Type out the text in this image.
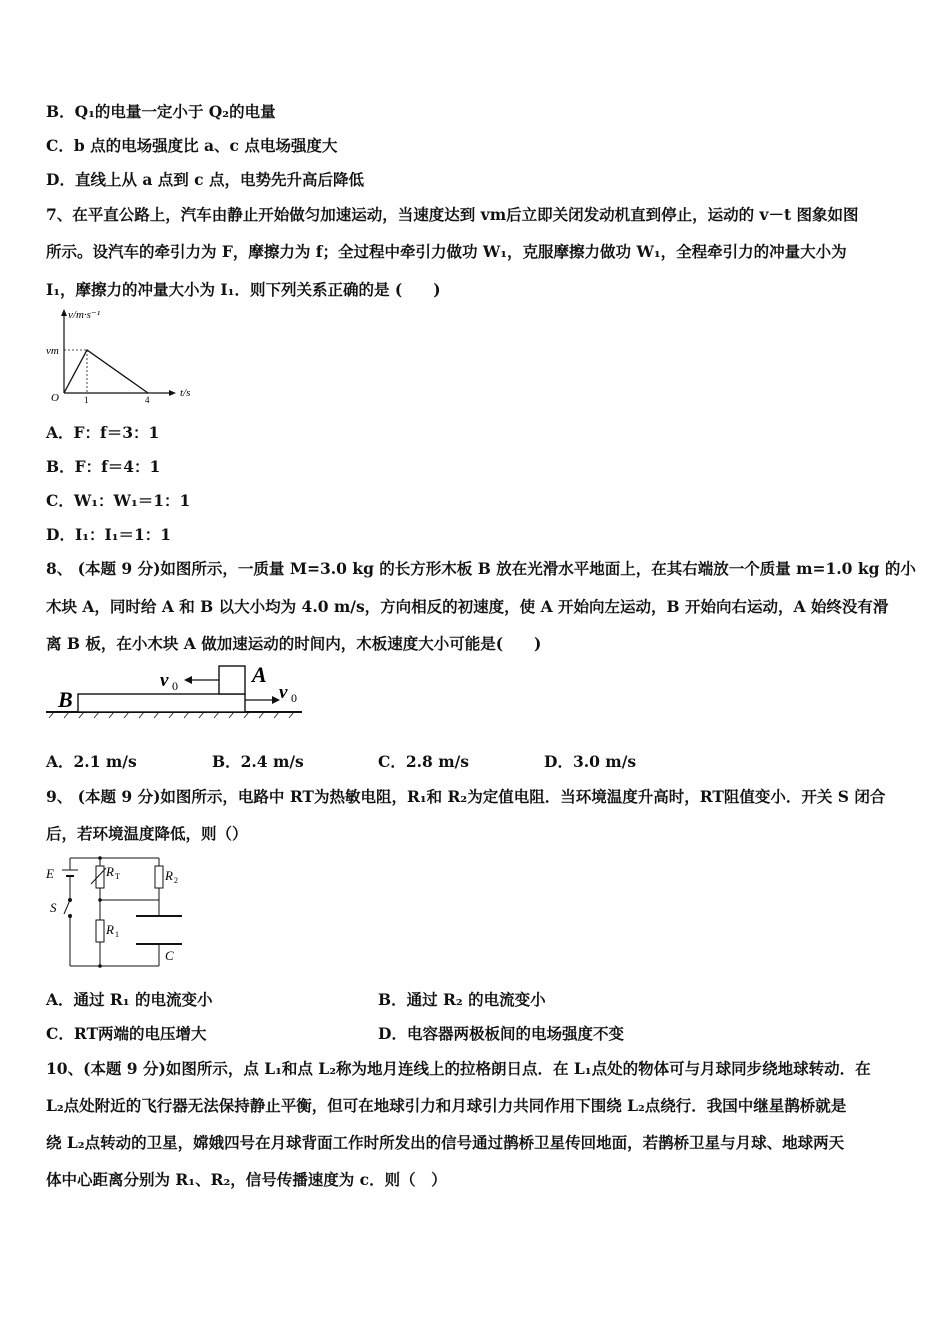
B．Q₁的电量一定小于 Q₂的电量
C．b 点的电场强度比 a、c 点电场强度大
D．直线上从 a 点到 c 点，电势先升高后降低
7、在平直公路上，汽车由静止开始做匀加速运动，当速度达到 vm后立即关闭发动机直到停止，运动的 v－t 图象如图
所示。设汽车的牵引力为 F，摩擦力为 f；全过程中牵引力做功 W₁，克服摩擦力做功 W₁，全程牵引力的冲量大小为
I₁，摩擦力的冲量大小为 I₁．则下列关系正确的是 (　　)
v/m·s⁻¹
t/s
vm
O	1	4
A．F：f＝3：1
B．F：f＝4：1
C．W₁：W₁＝1：1
D．I₁：I₁＝1：1
8、 (本题 9 分)如图所示，一质量 M=3.0 kg 的长方形木板 B 放在光滑水平地面上，在其右端放一个质量 m=1.0 kg 的小
木块 A，同时给 A 和 B 以大小均为 4.0 m/s，方向相反的初速度，使 A 开始向左运动，B 开始向右运动，A 始终没有滑
离 B 板，在小木块 A 做加速运动的时间内，木板速度大小可能是(　　)
B
A
v 0	v 0
A．2.1 m/s	B．2.4 m/s	C．2.8 m/s	D．3.0 m/s
9、 (本题 9 分)如图所示，电路中 RT为热敏电阻，R₁和 R₂为定值电阻．当环境温度升高时，RT阻值变小．开关 S 闭合
后，若环境温度降低，则（）
E
S
R T	R 2
R 1
C
A．通过 R₁ 的电流变小	B．通过 R₂ 的电流变小
C．RT两端的电压增大	D．电容器两极板间的电场强度不变
10、(本题 9 分)如图所示，点 L₁和点 L₂称为地月连线上的拉格朗日点．在 L₁点处的物体可与月球同步绕地球转动．在
L₂点处附近的飞行器无法保持静止平衡，但可在地球引力和月球引力共同作用下围绕 L₂点绕行．我国中继星鹊桥就是
绕 L₂点转动的卫星，嫦娥四号在月球背面工作时所发出的信号通过鹊桥卫星传回地面，若鹊桥卫星与月球、地球两天
体中心距离分别为 R₁、R₂，信号传播速度为 c．则（　）
